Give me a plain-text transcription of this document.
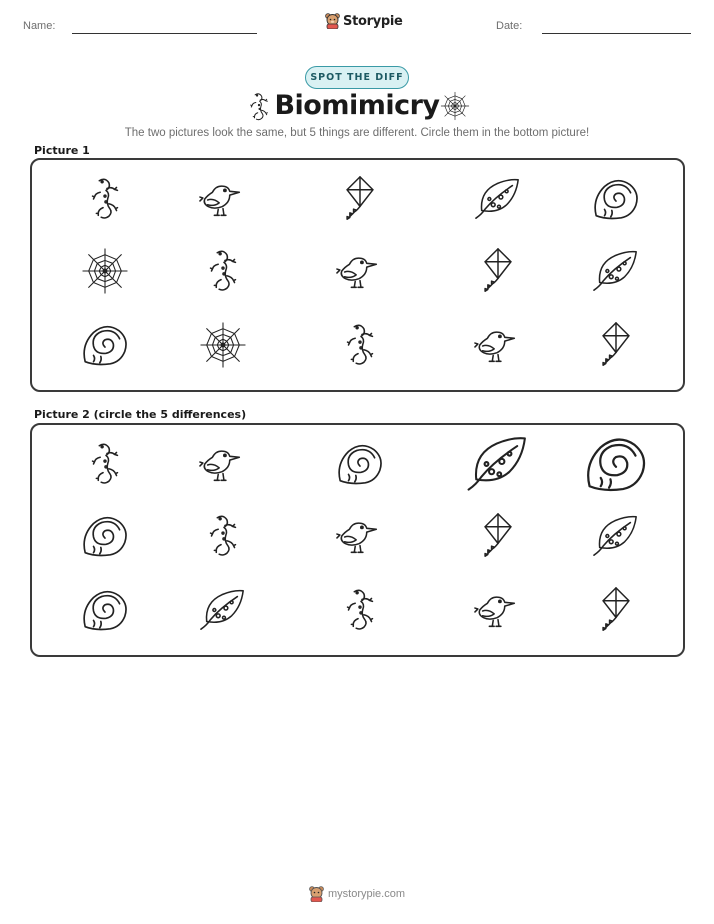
Name:	Storypie	Date:
SPOT THE DIFF
Biomimicry
The two pictures look the same, but 5 things are different. Circle them in the bottom picture!
Picture 1
Picture 2 (circle the 5 differences)
mystorypie.com
